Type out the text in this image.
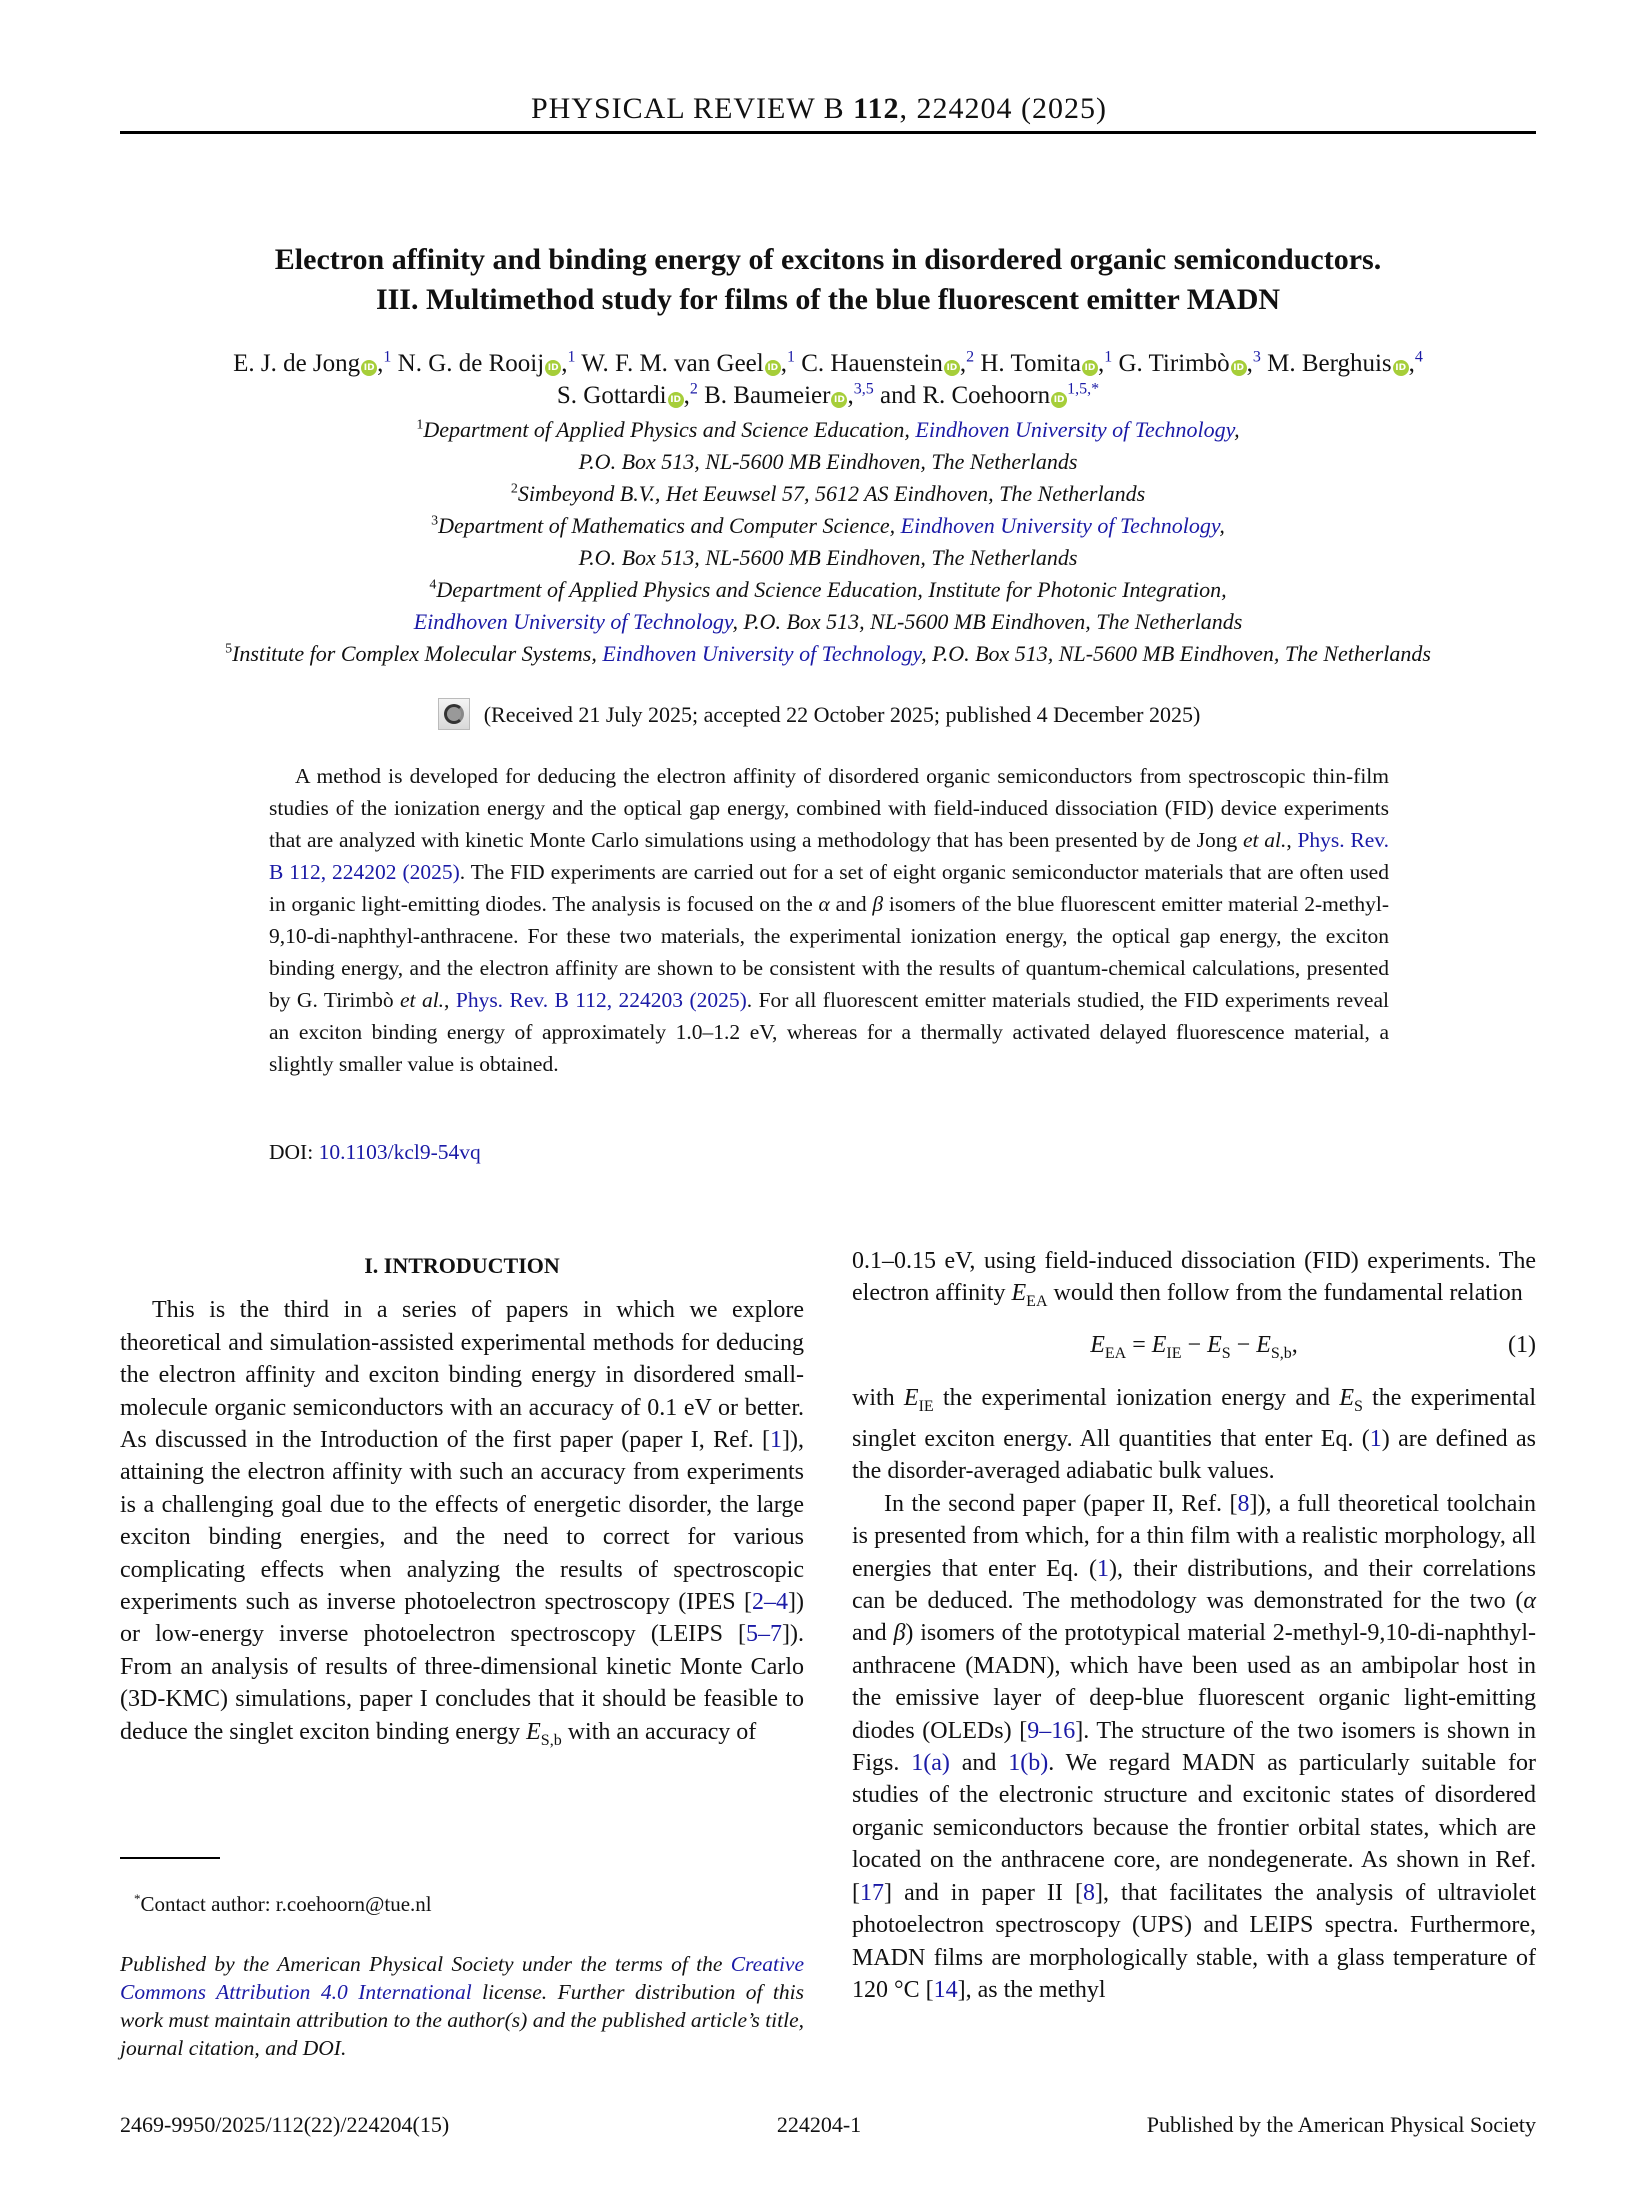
PHYSICAL REVIEW B 112, 224204 (2025)
Electron affinity and binding energy of excitons in disordered organic semiconductors.
III. Multimethod study for films of the blue fluorescent emitter MADN
E. J. de Jong ID ,$^1$ N. G. de Rooij ID ,$^1$ W. F. M. van Geel ID ,$^1$ C. Hauenstein ID ,$^2$ H. Tomita ID ,$^1$ G. Tirimbò ID ,$^3$ M. Berghuis ID ,$^4$
S. Gottardi ID ,$^2$ B. Baumeier ID ,$^{3,5}$ and R. Coehoorn $ID^{1,5,*}$
$^1$Department of Applied Physics and Science Education, Eindhoven University of Technology,
P.O. Box 513, NL-5600 MB Eindhoven, The Netherlands
$^2$Simbeyond B.V., Het Eeuwsel 57, 5612 AS Eindhoven, The Netherlands
$^3$Department of Mathematics and Computer Science, Eindhoven University of Technology,
P.O. Box 513, NL-5600 MB Eindhoven, The Netherlands
$^4$Department of Applied Physics and Science Education, Institute for Photonic Integration,
Eindhoven University of Technology, P.O. Box 513, NL-5600 MB Eindhoven, The Netherlands
$^5$Institute for Complex Molecular Systems, Eindhoven University of Technology, P.O. Box 513, NL-5600 MB Eindhoven, The Netherlands
(Received 21 July 2025; accepted 22 October 2025; published 4 December 2025)
A method is developed for deducing the electron affinity of disordered organic semiconductors from spectroscopic thin-film studies of the ionization energy and the optical gap energy, combined with field-induced dissociation (FID) device experiments that are analyzed with kinetic Monte Carlo simulations using a methodology that has been presented by de Jong et al., Phys. Rev. B 112, 224202 (2025). The FID experiments are carried out for a set of eight organic semiconductor materials that are often used in organic light-emitting diodes. The analysis is focused on the α and β isomers of the blue fluorescent emitter material 2-methyl-9,10-di-naphthyl-anthracene. For these two materials, the experimental ionization energy, the optical gap energy, the exciton binding energy, and the electron affinity are shown to be consistent with the results of quantum-chemical calculations, presented by G. Tirimbò et al., Phys. Rev. B 112, 224203 (2025). For all fluorescent emitter materials studied, the FID experiments reveal an exciton binding energy of approximately 1.0–1.2 eV, whereas for a thermally activated delayed fluorescence material, a slightly smaller value is obtained.
DOI: 10.1103/kcl9-54vq
I. INTRODUCTION

This is the third in a series of papers in which we explore theoretical and simulation-assisted experimental methods for deducing the electron affinity and exciton binding energy in disordered small-molecule organic semiconductors with an accuracy of 0.1 eV or better. As discussed in the Introduction of the first paper (paper I, Ref. [1]), attaining the electron affinity with such an accuracy from experiments is a challenging goal due to the effects of energetic disorder, the large exciton binding energies, and the need to correct for various complicating effects when analyzing the results of spectroscopic experiments such as inverse photoelectron spectroscopy (IPES [2–4]) or low-energy inverse photoelectron spectroscopy (LEIPS [5–7]). From an analysis of results of three-dimensional kinetic Monte Carlo (3D-KMC) simulations, paper I concludes that it should be feasible to deduce the singlet exciton binding energy $E_{S,b}$ with an accuracy of

*Contact author: r.coehoorn@tue.nl
Published by the American Physical Society under the terms of the Creative Commons Attribution 4.0 International license. Further distribution of this work must maintain attribution to the author(s) and the published article’s title, journal citation, and DOI.

0.1–0.15 eV, using field-induced dissociation (FID) experiments. The electron affinity $E_{EA}$ would then follow from the fundamental relation

$E_{EA} = E_{IE} - E_S - E_{S,b}$,	(1)

with $E_{IE}$ the experimental ionization energy and $E_S$ the experimental singlet exciton energy. All quantities that enter Eq. (1) are defined as the disorder-averaged adiabatic bulk values.

In the second paper (paper II, Ref. [8]), a full theoretical toolchain is presented from which, for a thin film with a realistic morphology, all energies that enter Eq. (1), their distributions, and their correlations can be deduced. The methodology was demonstrated for the two (α and β) isomers of the prototypical material 2-methyl-9,10-di-naphthyl-anthracene (MADN), which have been used as an ambipolar host in the emissive layer of deep-blue fluorescent organic light-emitting diodes (OLEDs) [9–16]. The structure of the two isomers is shown in Figs. 1(a) and 1(b). We regard MADN as particularly suitable for studies of the electronic structure and excitonic states of disordered organic semiconductors because the frontier orbital states, which are located on the anthracene core, are nondegenerate. As shown in Ref. [17] and in paper II [8], that facilitates the analysis of ultraviolet photoelectron spectroscopy (UPS) and LEIPS spectra. Furthermore, MADN films are morphologically stable, with a glass temperature of 120 °C [14], as the methyl

2469-9950/2025/112(22)/224204(15)	224204-1	Published by the American Physical Society
